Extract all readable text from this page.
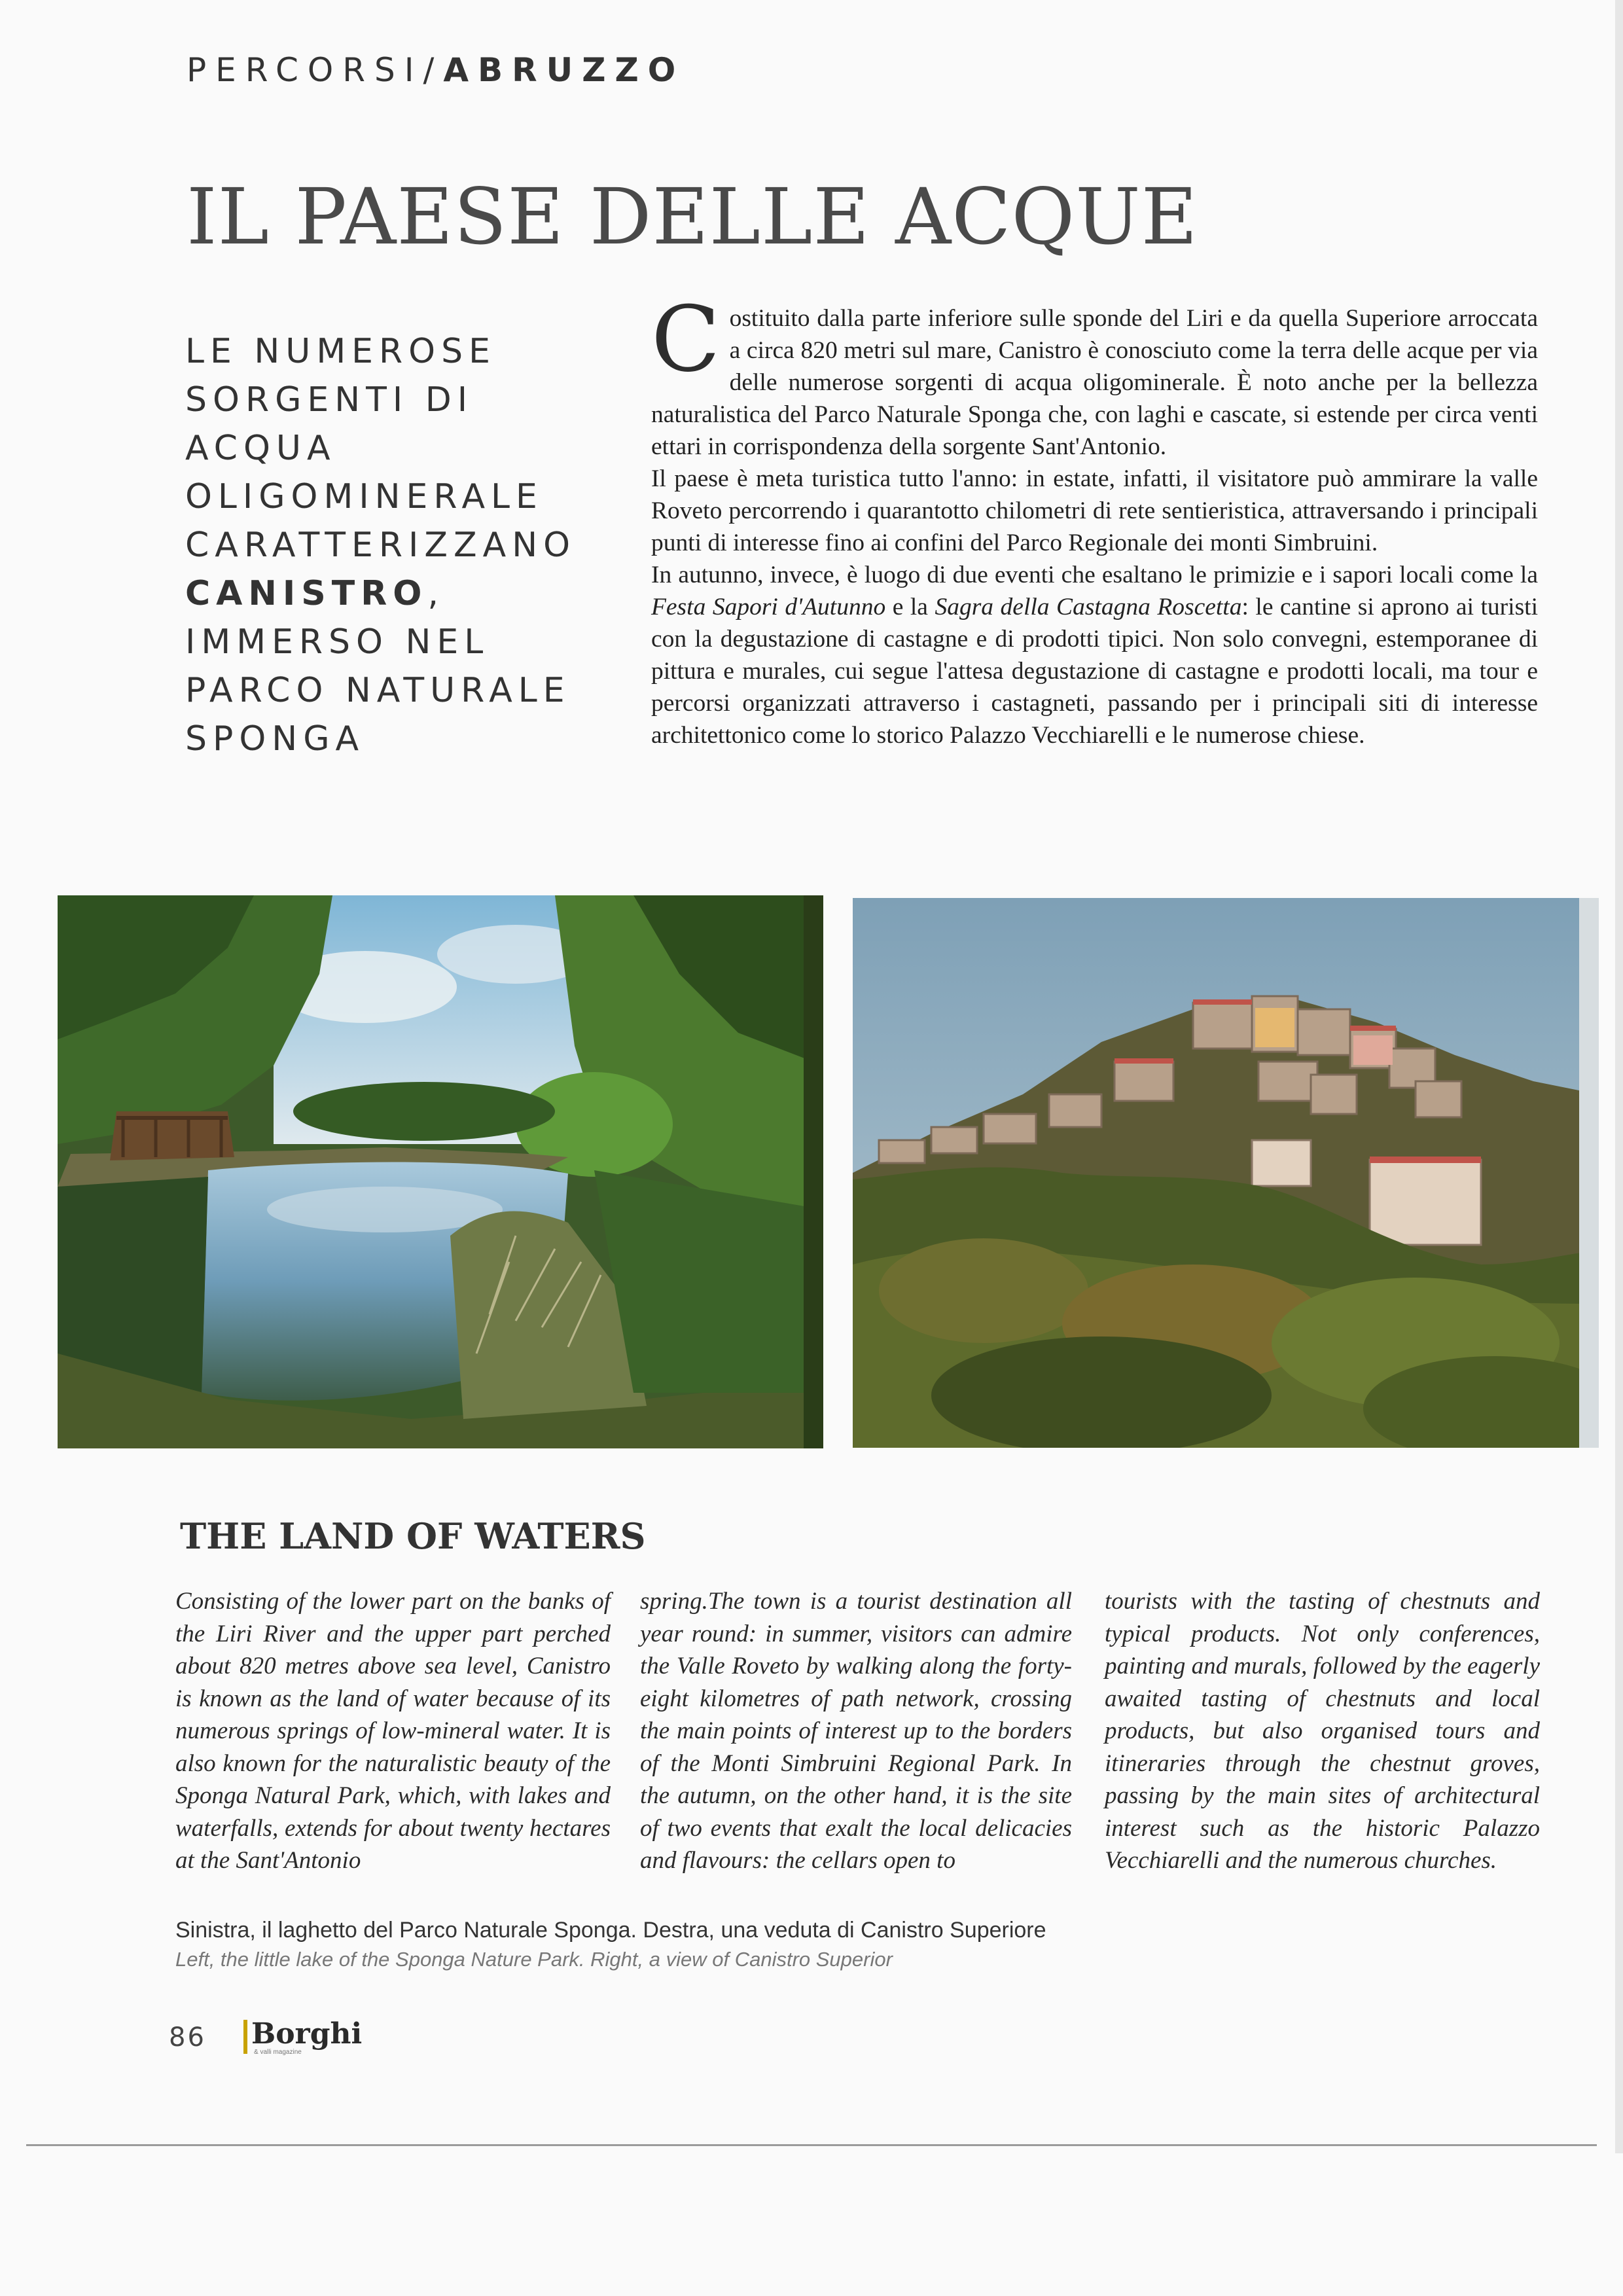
PERCORSI/ABRUZZO
IL PAESE DELLE ACQUE
LE NUMEROSE
SORGENTI DI ACQUA
OLIGOMINERALE
CARATTERIZZANO
CANISTRO,
IMMERSO NEL
PARCO NATURALE
SPONGA

Costituito dalla parte inferiore sulle sponde del Liri e da quella Superiore arroccata a circa 820 metri sul mare, Canistro è conosciuto come la terra delle acque per via delle numerose sorgenti di acqua oligominerale. È noto anche per la bellezza naturalistica del Parco Naturale Sponga che, con laghi e cascate, si estende per circa venti ettari in corrispondenza della sorgente Sant'Antonio.

Il paese è meta turistica tutto l'anno: in estate, infatti, il visitatore può ammirare la valle Roveto percorrendo i quarantotto chilometri di rete sentieristica, attraversando i principali punti di interesse fino ai confini del Parco Regionale dei monti Simbruini.

In autunno, invece, è luogo di due eventi che esaltano le primizie e i sapori locali come la Festa Sapori d'Autunno e la Sagra della Castagna Roscetta: le cantine si aprono ai turisti con la degustazione di castagne e di prodotti tipici. Non solo convegni, estemporanee di pittura e murales, cui segue l'attesa degustazione di castagne e prodotti locali, ma tour e percorsi organizzati attraverso i castagneti, passando per i principali siti di interesse architettonico come lo storico Palazzo Vecchiarelli e le numerose chiese.

THE LAND OF WATERS
Consisting of the lower part on the banks of the Liri River and the upper part perched about 820 metres above sea level, Canistro is known as the land of water because of its numerous springs of low-mineral water. It is also known for the naturalistic beauty of the Sponga Natural Park, which, with lakes and waterfalls, extends for about twenty hectares at the Sant'Antonio
spring.The town is a tourist destination all year round: in summer, visitors can admire the Valle Roveto by walking along the forty-eight kilometres of path network, crossing the main points of interest up to the borders of the Monti Simbruini Regional Park. In the autumn, on the other hand, it is the site of two events that exalt the local delicacies and flavours: the cellars open to
tourists with the tasting of chestnuts and typical products. Not only conferences, painting and murals, followed by the eagerly awaited tasting of chestnuts and local products, but also organised tours and itineraries through the chestnut groves, passing by the main sites of architectural interest such as the historic Palazzo Vecchiarelli and the numerous churches.
Sinistra, il laghetto del Parco Naturale Sponga. Destra, una veduta di Canistro Superiore
Left, the little lake of the Sponga Nature Park. Right, a view of Canistro Superior
86 Borghi
& valli magazine
